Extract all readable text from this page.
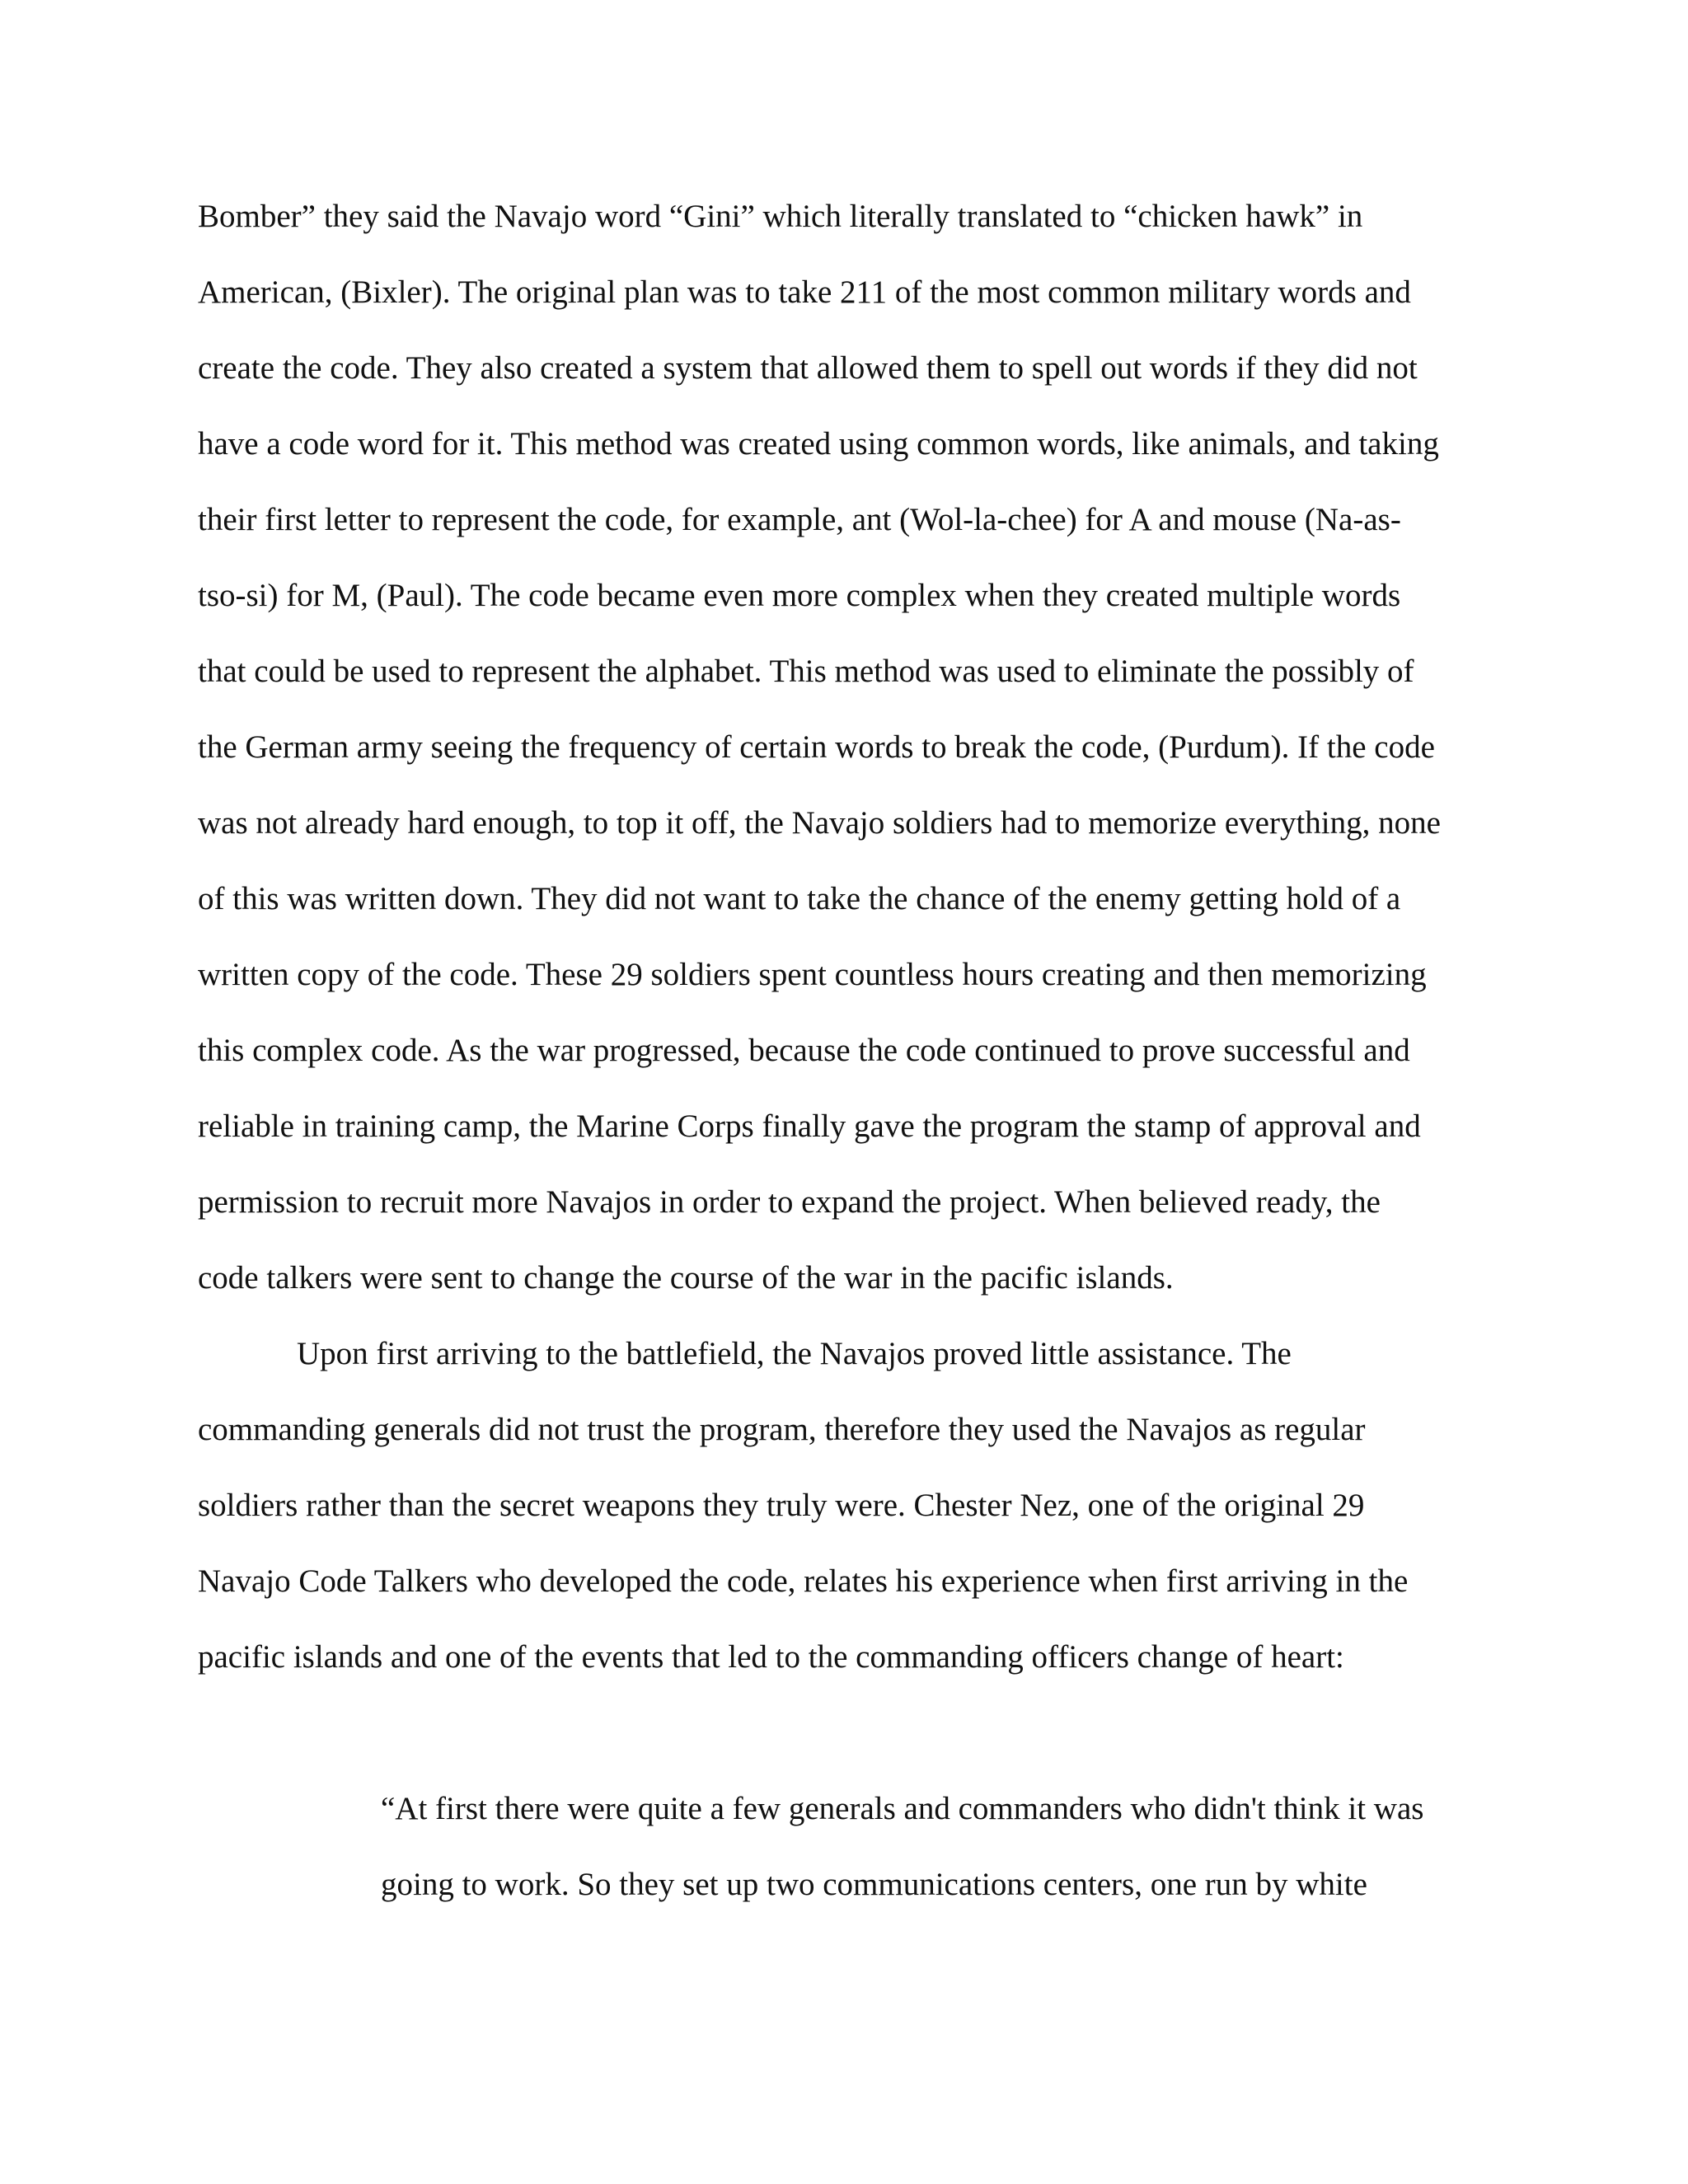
Bomber” they said the Navajo word “Gini” which literally translated to “chicken hawk” in

American, (Bixler). The original plan was to take 211 of the most common military words and

create the code. They also created a system that allowed them to spell out words if they did not

have a code word for it. This method was created using common words, like animals, and taking

their first letter to represent the code, for example, ant (Wol-la-chee) for A and mouse (Na-as-

tso-si) for M, (Paul). The code became even more complex when they created multiple words

that could be used to represent the alphabet. This method was used to eliminate the possibly of

the German army seeing the frequency of certain words to break the code, (Purdum). If the code

was not already hard enough, to top it off, the Navajo soldiers had to memorize everything, none

of this was written down. They did not want to take the chance of the enemy getting hold of a

written copy of the code. These 29 soldiers spent countless hours creating and then memorizing

this complex code. As the war progressed, because the code continued to prove successful and

reliable in training camp, the Marine Corps finally gave the program the stamp of approval and

permission to recruit more Navajos in order to expand the project. When believed ready, the

code talkers were sent to change the course of the war in the pacific islands.

Upon first arriving to the battlefield, the Navajos proved little assistance. The

commanding generals did not trust the program, therefore they used the Navajos as regular

soldiers rather than the secret weapons they truly were. Chester Nez, one of the original 29

Navajo Code Talkers who developed the code, relates his experience when first arriving in the

pacific islands and one of the events that led to the commanding officers change of heart:

“At first there were quite a few generals and commanders who didn't think it was

going to work. So they set up two communications centers, one run by white
